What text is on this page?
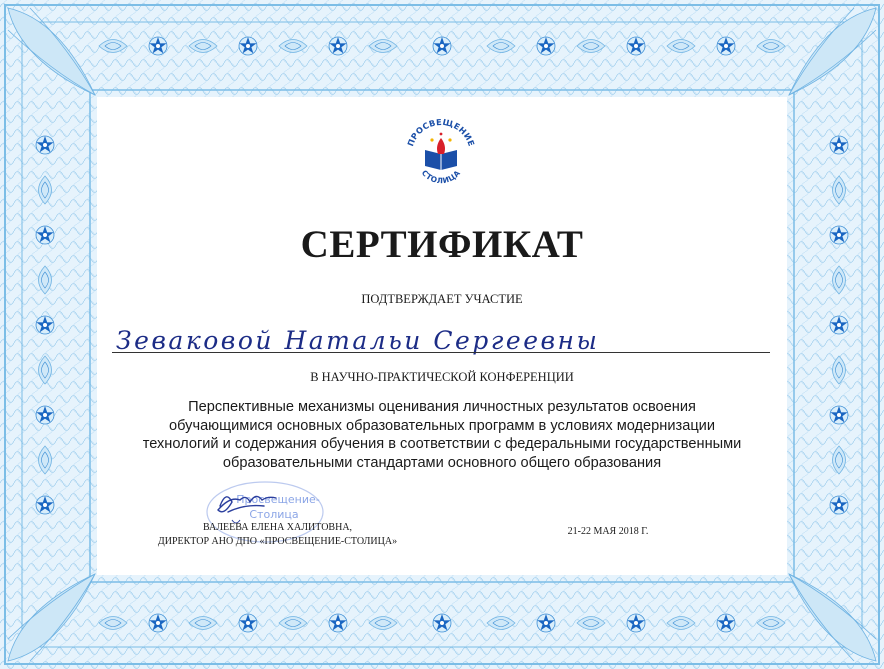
ПРОСВЕЩЕНИЕ
СТОЛИЦА
СЕРТИФИКАТ
ПОДТВЕРЖДАЕТ УЧАСТИЕ
Зеваковой Натальи Сергеевны
В НАУЧНО-ПРАКТИЧЕСКОЙ КОНФЕРЕНЦИИ
Перспективные механизмы оценивания личностных результатов освоения
обучающимися основных образовательных программ в условиях модернизации
технологий и содержания обучения в соответствии с федеральными государственными
образовательными стандартами основного общего образования
Просвещение-
Столица
ВАЛЕЕВА ЕЛЕНА ХАЛИТОВНА,
ДИРЕКТОР АНО ДПО «ПРОСВЕЩЕНИЕ-СТОЛИЦА»
21-22 МАЯ 2018 Г.
